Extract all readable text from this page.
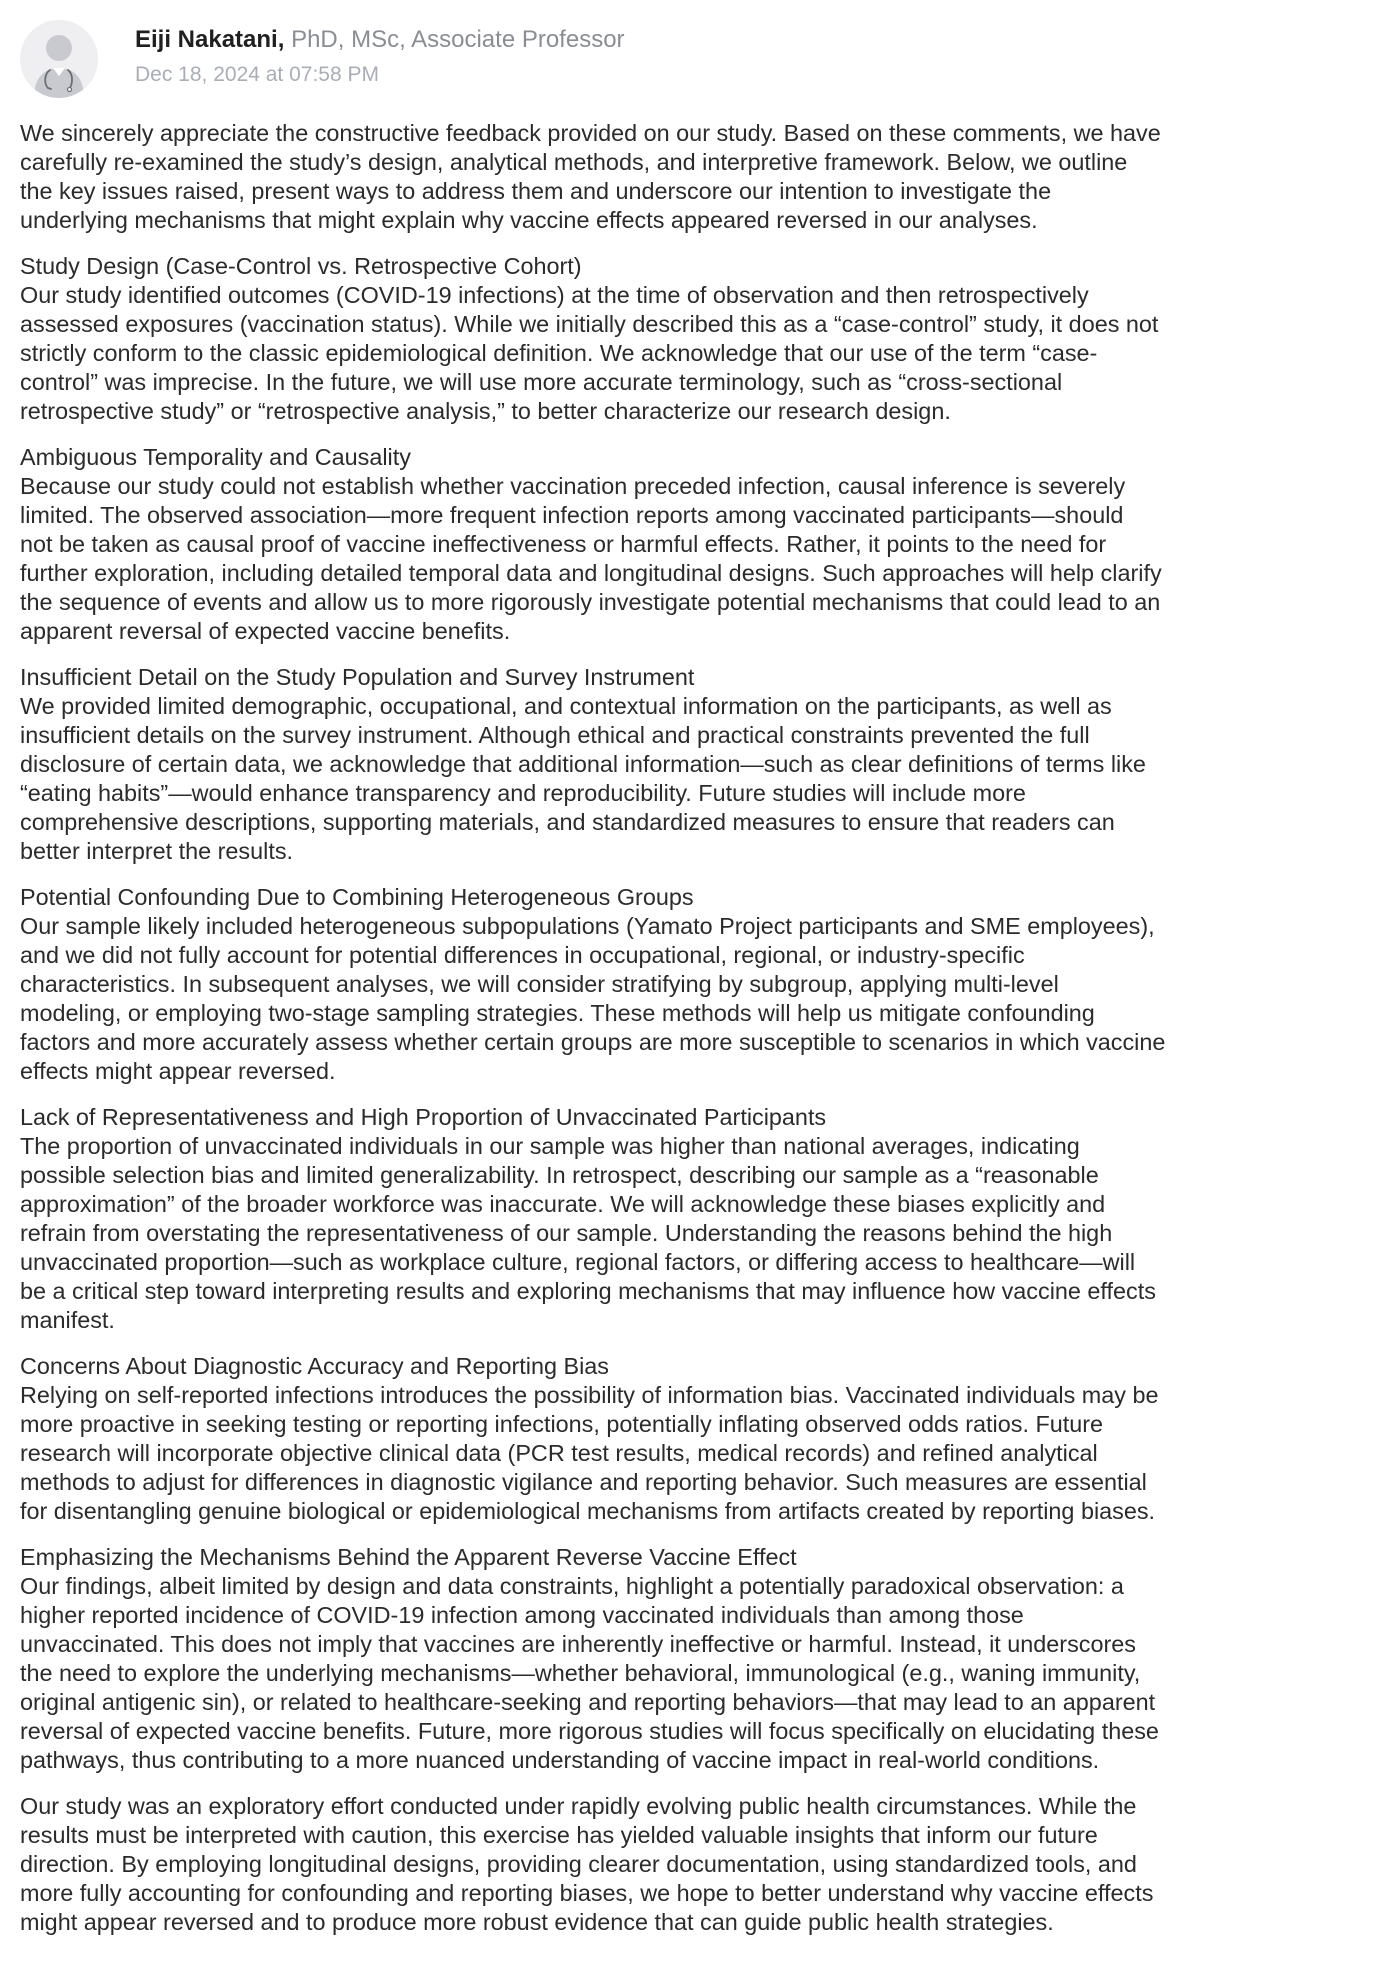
Eiji Nakatani, PhD, MSc, Associate Professor
Dec 18, 2024 at 07:58 PM

We sincerely appreciate the constructive feedback provided on our study. Based on these comments, we have
carefully re-examined the study’s design, analytical methods, and interpretive framework. Below, we outline
the key issues raised, present ways to address them and underscore our intention to investigate the
underlying mechanisms that might explain why vaccine effects appeared reversed in our analyses.

Study Design (Case-Control vs. Retrospective Cohort)
Our study identified outcomes (COVID-19 infections) at the time of observation and then retrospectively
assessed exposures (vaccination status). While we initially described this as a “case-control” study, it does not
strictly conform to the classic epidemiological definition. We acknowledge that our use of the term “case-
control” was imprecise. In the future, we will use more accurate terminology, such as “cross-sectional
retrospective study” or “retrospective analysis,” to better characterize our research design.

Ambiguous Temporality and Causality
Because our study could not establish whether vaccination preceded infection, causal inference is severely
limited. The observed association—more frequent infection reports among vaccinated participants—should
not be taken as causal proof of vaccine ineffectiveness or harmful effects. Rather, it points to the need for
further exploration, including detailed temporal data and longitudinal designs. Such approaches will help clarify
the sequence of events and allow us to more rigorously investigate potential mechanisms that could lead to an
apparent reversal of expected vaccine benefits.

Insufficient Detail on the Study Population and Survey Instrument
We provided limited demographic, occupational, and contextual information on the participants, as well as
insufficient details on the survey instrument. Although ethical and practical constraints prevented the full
disclosure of certain data, we acknowledge that additional information—such as clear definitions of terms like
“eating habits”—would enhance transparency and reproducibility. Future studies will include more
comprehensive descriptions, supporting materials, and standardized measures to ensure that readers can
better interpret the results.

Potential Confounding Due to Combining Heterogeneous Groups
Our sample likely included heterogeneous subpopulations (Yamato Project participants and SME employees),
and we did not fully account for potential differences in occupational, regional, or industry-specific
characteristics. In subsequent analyses, we will consider stratifying by subgroup, applying multi-level
modeling, or employing two-stage sampling strategies. These methods will help us mitigate confounding
factors and more accurately assess whether certain groups are more susceptible to scenarios in which vaccine
effects might appear reversed.

Lack of Representativeness and High Proportion of Unvaccinated Participants
The proportion of unvaccinated individuals in our sample was higher than national averages, indicating
possible selection bias and limited generalizability. In retrospect, describing our sample as a “reasonable
approximation” of the broader workforce was inaccurate. We will acknowledge these biases explicitly and
refrain from overstating the representativeness of our sample. Understanding the reasons behind the high
unvaccinated proportion—such as workplace culture, regional factors, or differing access to healthcare—will
be a critical step toward interpreting results and exploring mechanisms that may influence how vaccine effects
manifest.

Concerns About Diagnostic Accuracy and Reporting Bias
Relying on self-reported infections introduces the possibility of information bias. Vaccinated individuals may be
more proactive in seeking testing or reporting infections, potentially inflating observed odds ratios. Future
research will incorporate objective clinical data (PCR test results, medical records) and refined analytical
methods to adjust for differences in diagnostic vigilance and reporting behavior. Such measures are essential
for disentangling genuine biological or epidemiological mechanisms from artifacts created by reporting biases.

Emphasizing the Mechanisms Behind the Apparent Reverse Vaccine Effect
Our findings, albeit limited by design and data constraints, highlight a potentially paradoxical observation: a
higher reported incidence of COVID-19 infection among vaccinated individuals than among those
unvaccinated. This does not imply that vaccines are inherently ineffective or harmful. Instead, it underscores
the need to explore the underlying mechanisms—whether behavioral, immunological (e.g., waning immunity,
original antigenic sin), or related to healthcare-seeking and reporting behaviors—that may lead to an apparent
reversal of expected vaccine benefits. Future, more rigorous studies will focus specifically on elucidating these
pathways, thus contributing to a more nuanced understanding of vaccine impact in real-world conditions.

Our study was an exploratory effort conducted under rapidly evolving public health circumstances. While the
results must be interpreted with caution, this exercise has yielded valuable insights that inform our future
direction. By employing longitudinal designs, providing clearer documentation, using standardized tools, and
more fully accounting for confounding and reporting biases, we hope to better understand why vaccine effects
might appear reversed and to produce more robust evidence that can guide public health strategies.
